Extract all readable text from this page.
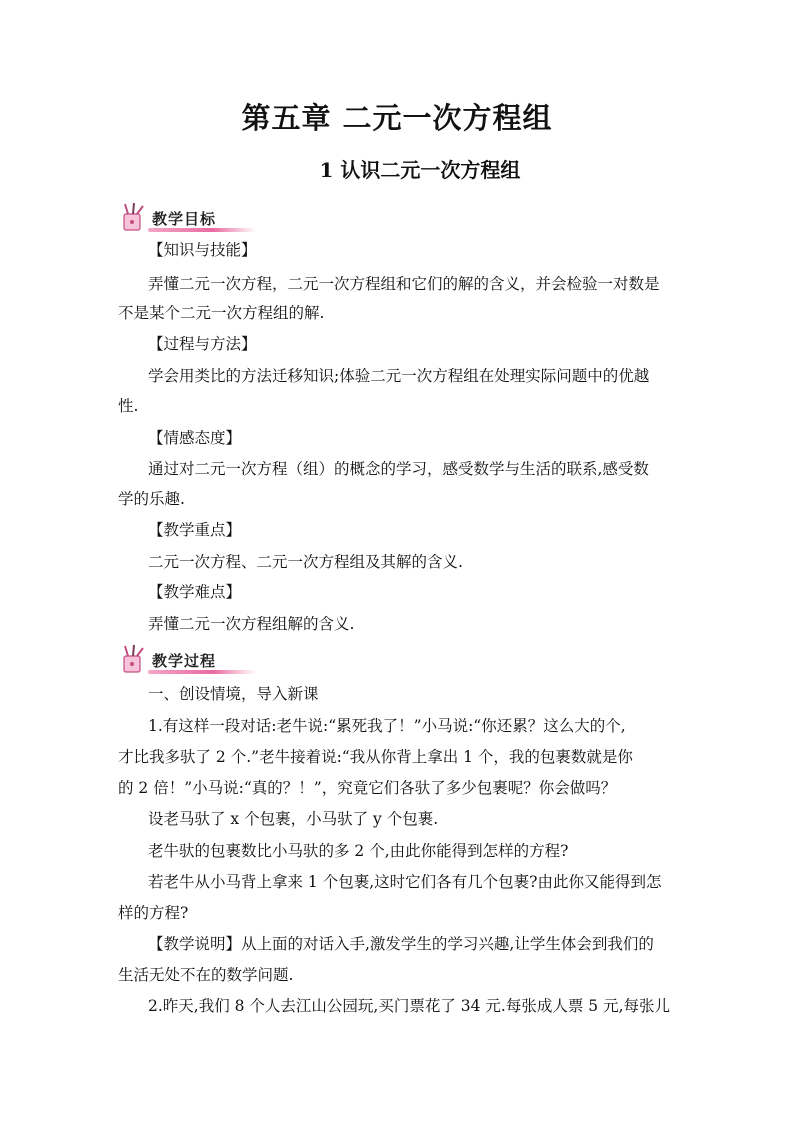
第五章 二元一次方程组
1 认识二元一次方程组
教学目标
【知识与技能】
弄懂二元一次方程，二元一次方程组和它们的解的含义，并会检验一对数是
不是某个二元一次方程组的解.
【过程与方法】
学会用类比的方法迁移知识;体验二元一次方程组在处理实际问题中的优越
性.
【情感态度】
通过对二元一次方程（组）的概念的学习，感受数学与生活的联系,感受数
学的乐趣.
【教学重点】
二元一次方程、二元一次方程组及其解的含义.
【教学难点】
弄懂二元一次方程组解的含义.
教学过程
一、创设情境，导入新课
1.有这样一段对话:老牛说:“累死我了！”小马说:“你还累？这么大的个,
才比我多驮了 2 个.”老牛接着说:“我从你背上拿出 1 个，我的包裹数就是你
的 2 倍！”小马说:“真的？！”，究竟它们各驮了多少包裹呢？你会做吗？
设老马驮了 x 个包裹，小马驮了 y 个包裹.
老牛驮的包裹数比小马驮的多 2 个,由此你能得到怎样的方程?
若老牛从小马背上拿来 1 个包裹,这时它们各有几个包裹?由此你又能得到怎
样的方程?
【教学说明】从上面的对话入手,激发学生的学习兴趣,让学生体会到我们的
生活无处不在的数学问题.
2.昨天,我们 8 个人去江山公园玩,买门票花了 34 元.每张成人票 5 元,每张儿
